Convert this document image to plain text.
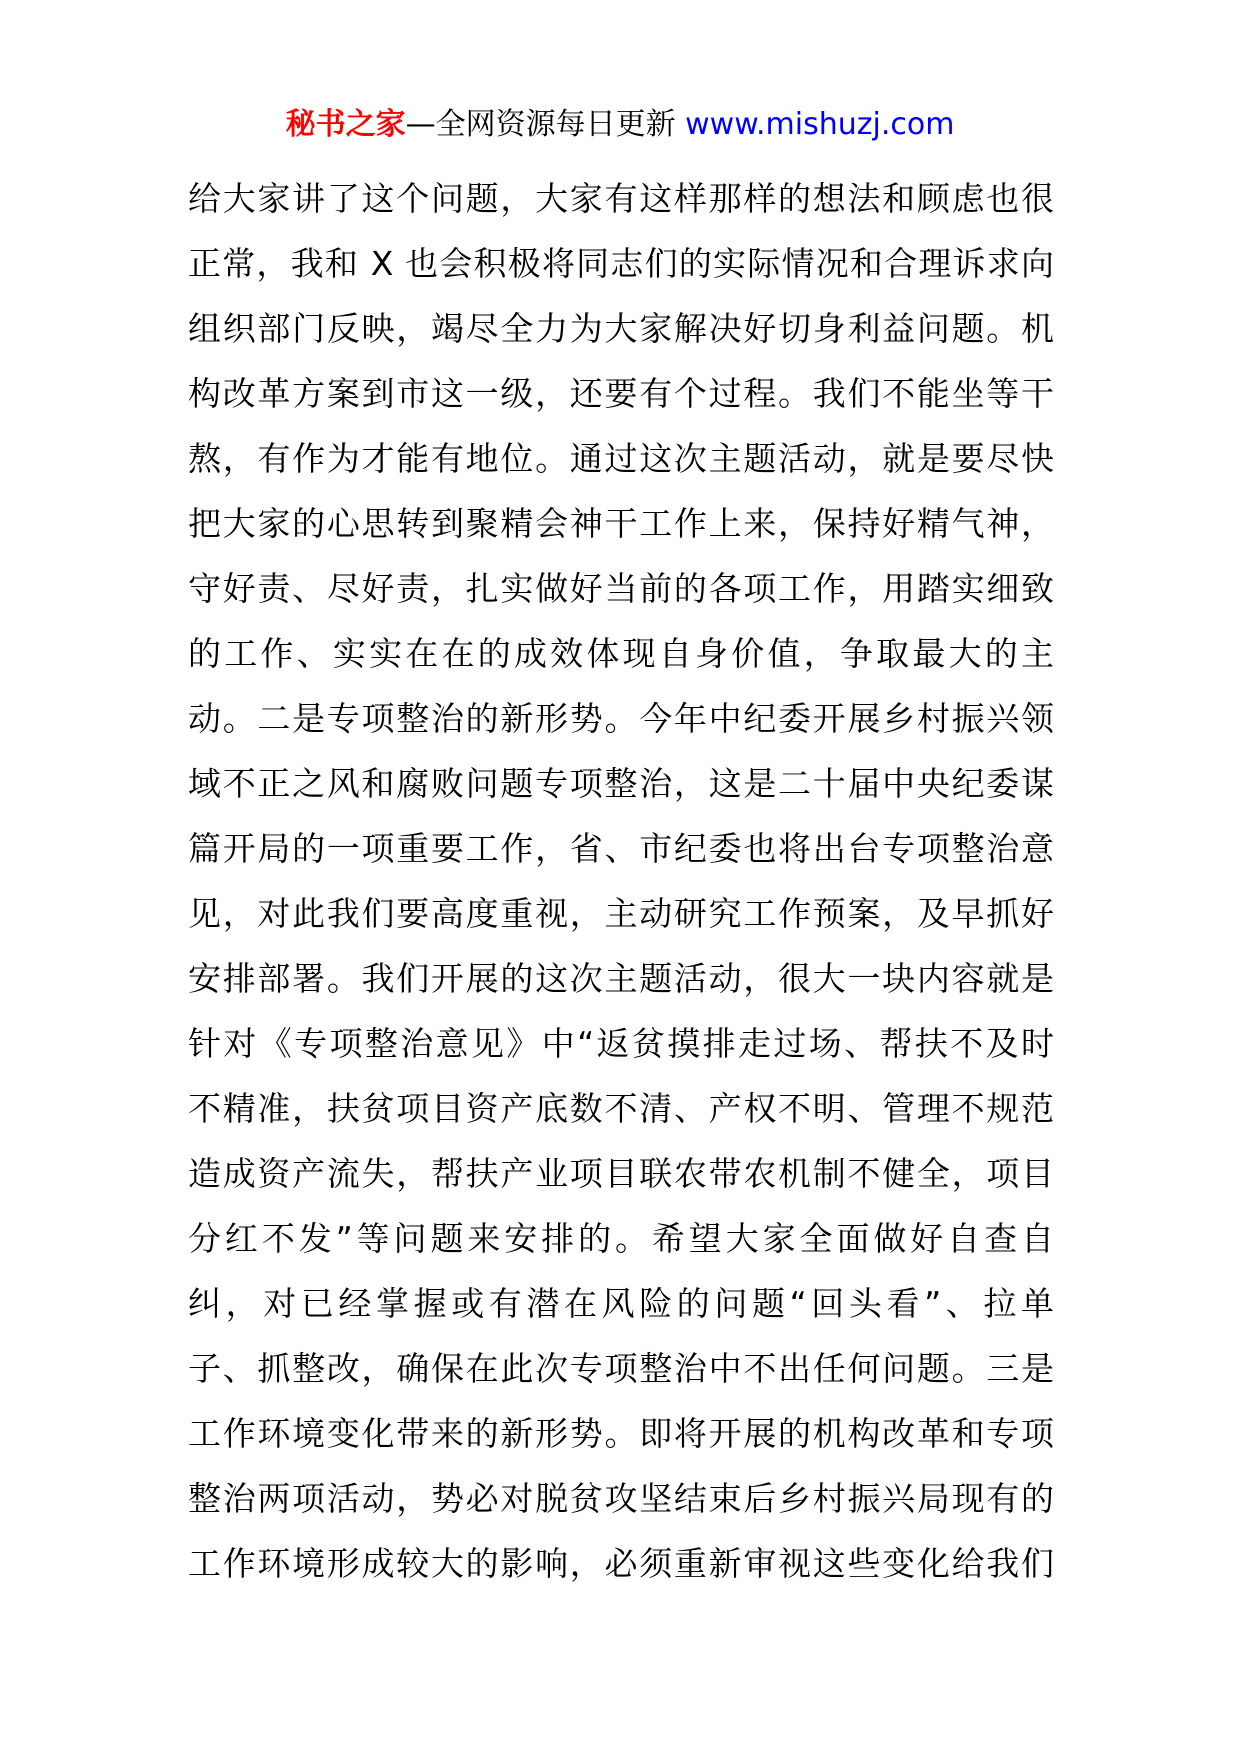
秘书之家—全网资源每日更新 www.mishuzj.com
给大家讲了这个问题，大家有这样那样的想法和顾虑也很
正常，我和 X 也会积极将同志们的实际情况和合理诉求向
组织部门反映，竭尽全力为大家解决好切身利益问题。机
构改革方案到市这一级，还要有个过程。我们不能坐等干
熬，有作为才能有地位。通过这次主题活动，就是要尽快
把大家的心思转到聚精会神干工作上来，保持好精气神，
守好责、尽好责，扎实做好当前的各项工作，用踏实细致
的工作、实实在在的成效体现自身价值，争取最大的主
动。二是专项整治的新形势。今年中纪委开展乡村振兴领
域不正之风和腐败问题专项整治，这是二十届中央纪委谋
篇开局的一项重要工作，省、市纪委也将出台专项整治意
见，对此我们要高度重视，主动研究工作预案，及早抓好
安排部署。我们开展的这次主题活动，很大一块内容就是
针对《专项整治意见》中“返贫摸排走过场、帮扶不及时
不精准，扶贫项目资产底数不清、产权不明、管理不规范
造成资产流失，帮扶产业项目联农带农机制不健全，项目
分红不发”等问题来安排的。希望大家全面做好自查自
纠，对已经掌握或有潜在风险的问题“回头看”、拉单
子、抓整改，确保在此次专项整治中不出任何问题。三是
工作环境变化带来的新形势。即将开展的机构改革和专项
整治两项活动，势必对脱贫攻坚结束后乡村振兴局现有的
工作环境形成较大的影响，必须重新审视这些变化给我们
